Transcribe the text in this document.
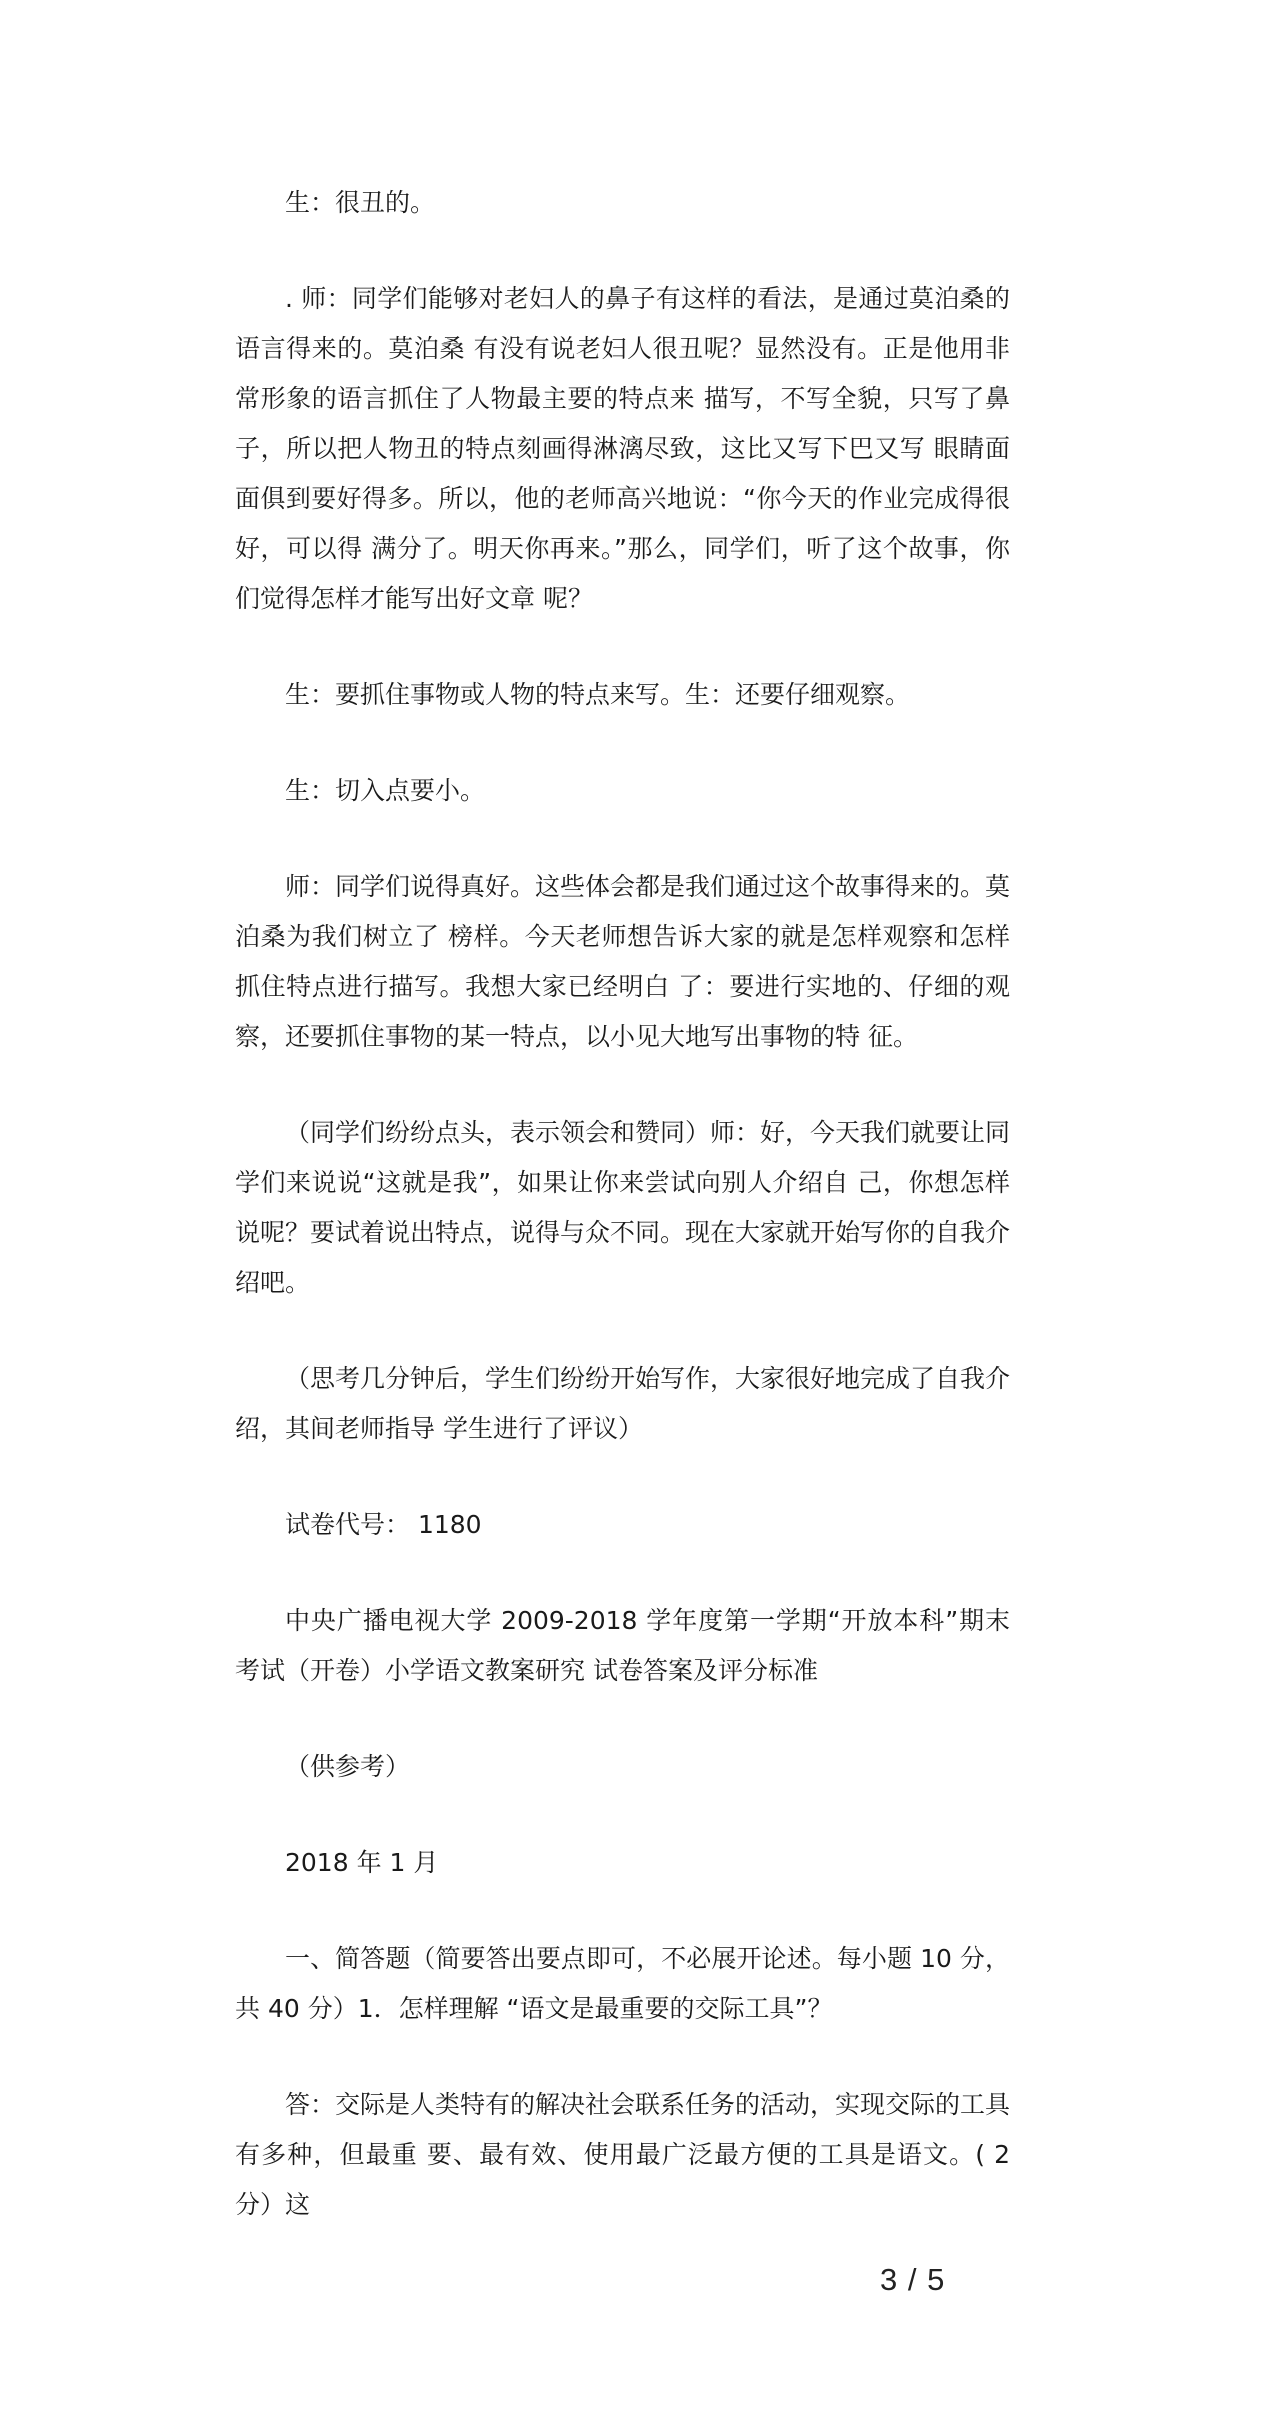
生：很丑的。

. 师：同学们能够对老妇人的鼻子有这样的看法，是通过莫泊桑的语言得来的。莫泊桑 有没有说老妇人很丑呢？显然没有。正是他用非常形象的语言抓住了人物最主要的特点来 描写，不写全貌，只写了鼻子，所以把人物丑的特点刻画得淋漓尽致，这比又写下巴又写 眼睛面面俱到要好得多。所以，他的老师高兴地说：“你今天的作业完成得很好，可以得 满分了。明天你再来。”那么，同学们，听了这个故事，你们觉得怎样才能写出好文章 呢？

生：要抓住事物或人物的特点来写。生：还要仔细观察。

生：切入点要小。

师：同学们说得真好。这些体会都是我们通过这个故事得来的。莫泊桑为我们树立了 榜样。今天老师想告诉大家的就是怎样观察和怎样抓住特点进行描写。我想大家已经明白 了：要进行实地的、仔细的观察，还要抓住事物的某一特点，以小见大地写出事物的特 征。

（同学们纷纷点头，表示领会和赞同）师：好，今天我们就要让同学们来说说“这就是我”，如果让你来尝试向别人介绍自 己，你想怎样说呢？要试着说出特点，说得与众不同。现在大家就开始写你的自我介绍吧。

（思考几分钟后，学生们纷纷开始写作，大家很好地完成了自我介绍，其间老师指导 学生进行了评议）

试卷代号： 1180

中央广播电视大学 2009-2018 学年度第一学期“开放本科”期末考试（开卷）小学语文教案研究 试卷答案及评分标准

（供参考）

2018 年 1 月

一、简答题（简要答出要点即可，不必展开论述。每小题 10 分，共 40 分）1．怎样理解 “语文是最重要的交际工具”？

答：交际是人类特有的解决社会联系任务的活动，实现交际的工具有多种，但最重 要、最有效、使用最广泛最方便的工具是语文。( 2 分）这

3 / 5
